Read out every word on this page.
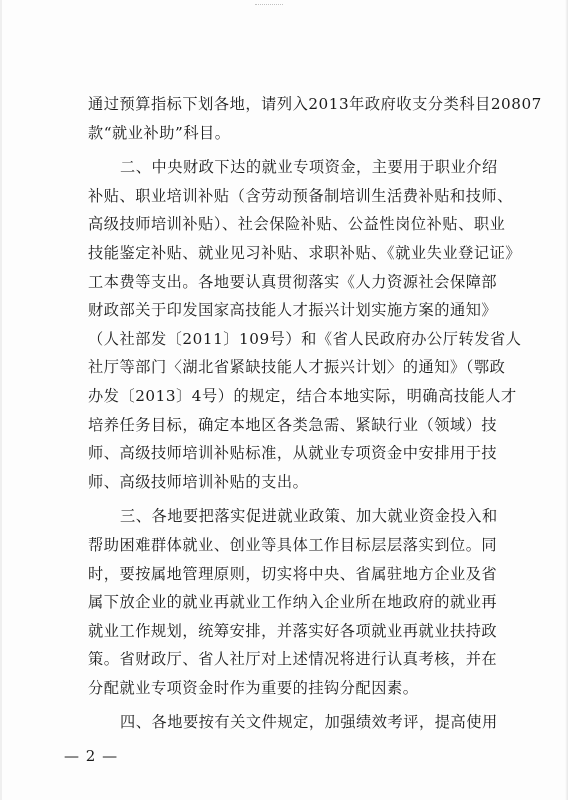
通过预算指标下划各地，请列入2013年政府收支分类科目20807
款“就业补助”科目。
二、中央财政下达的就业专项资金，主要用于职业介绍
补贴、职业培训补贴（含劳动预备制培训生活费补贴和技师、
高级技师培训补贴）、社会保险补贴、公益性岗位补贴、职业
技能鉴定补贴、就业见习补贴、求职补贴、《就业失业登记证》
工本费等支出。各地要认真贯彻落实《人力资源社会保障部
财政部关于印发国家高技能人才振兴计划实施方案的通知》
（人社部发〔2011〕109号）和《省人民政府办公厅转发省人
社厅等部门〈湖北省紧缺技能人才振兴计划〉的通知》（鄂政
办发〔2013〕4号）的规定，结合本地实际，明确高技能人才
培养任务目标，确定本地区各类急需、紧缺行业（领域）技
师、高级技师培训补贴标准，从就业专项资金中安排用于技
师、高级技师培训补贴的支出。
三、各地要把落实促进就业政策、加大就业资金投入和
帮助困难群体就业、创业等具体工作目标层层落实到位。同
时，要按属地管理原则，切实将中央、省属驻地方企业及省
属下放企业的就业再就业工作纳入企业所在地政府的就业再
就业工作规划，统筹安排，并落实好各项就业再就业扶持政
策。省财政厅、省人社厅对上述情况将进行认真考核，并在
分配就业专项资金时作为重要的挂钩分配因素。
四、各地要按有关文件规定，加强绩效考评，提高使用
— 2 —
